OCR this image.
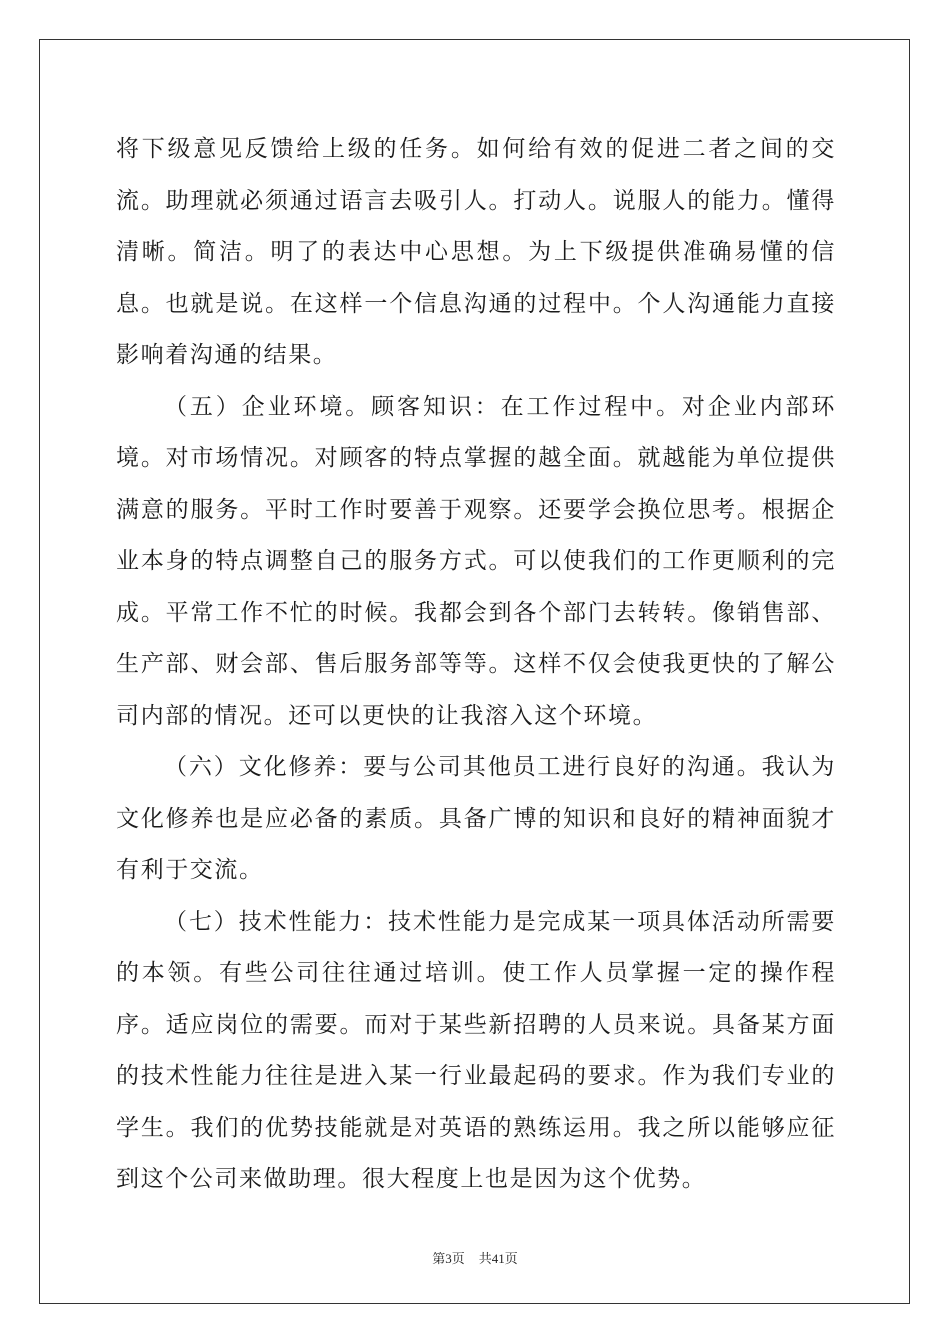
将下级意见反馈给上级的任务。如何给有效的促进二者之间的交流。助理就必须通过语言去吸引人。打动人。说服人的能力。懂得清晰。简洁。明了的表达中心思想。为上下级提供准确易懂的信息。也就是说。在这样一个信息沟通的过程中。个人沟通能力直接影响着沟通的结果。

（五）企业环境。顾客知识：在工作过程中。对企业内部环境。对市场情况。对顾客的特点掌握的越全面。就越能为单位提供满意的服务。平时工作时要善于观察。还要学会换位思考。根据企业本身的特点调整自己的服务方式。可以使我们的工作更顺利的完成。平常工作不忙的时候。我都会到各个部门去转转。像销售部、生产部、财会部、售后服务部等等。这样不仅会使我更快的了解公司内部的情况。还可以更快的让我溶入这个环境。

（六）文化修养：要与公司其他员工进行良好的沟通。我认为文化修养也是应必备的素质。具备广博的知识和良好的精神面貌才有利于交流。

（七）技术性能力：技术性能力是完成某一项具体活动所需要的本领。有些公司往往通过培训。使工作人员掌握一定的操作程序。适应岗位的需要。而对于某些新招聘的人员来说。具备某方面的技术性能力往往是进入某一行业最起码的要求。作为我们专业的学生。我们的优势技能就是对英语的熟练运用。我之所以能够应征到这个公司来做助理。很大程度上也是因为这个优势。

第3页 共41页
